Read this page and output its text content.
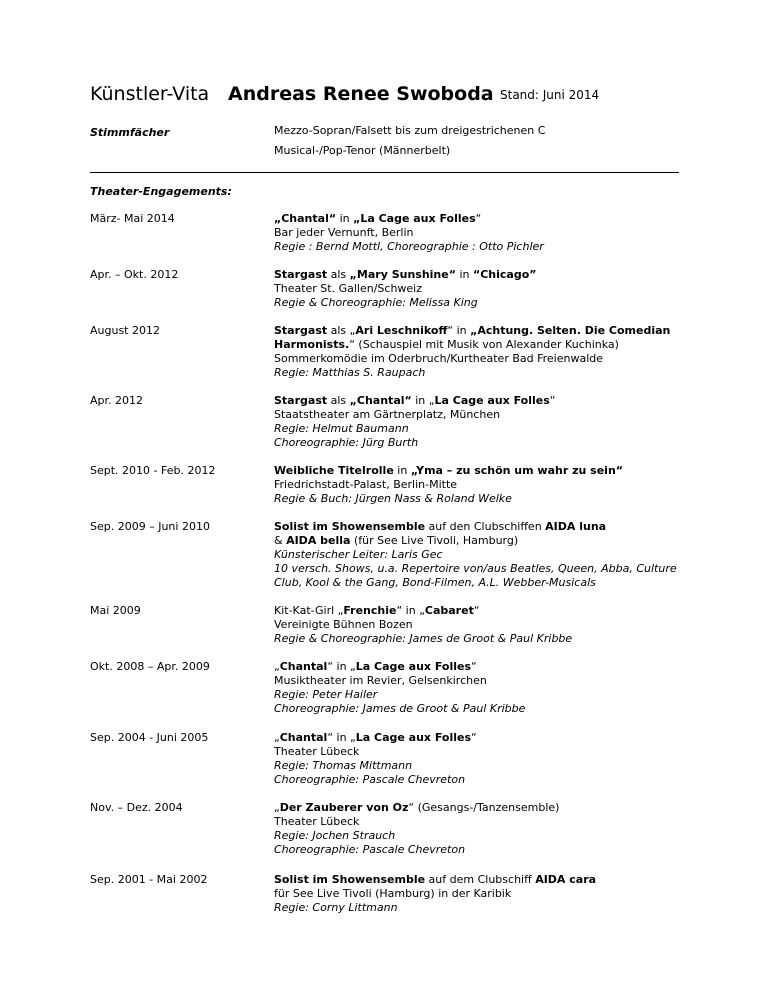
Künstler-Vita Andreas Renee Swoboda Stand: Juni 2014
Stimmfächer	Mezzo-Sopran/Falsett bis zum dreigestrichenen C
Musical-/Pop-Tenor (Männerbelt)
Theater-Engagements:
März- Mai 2014	„Chantal“ in „La Cage aux Folles“
Bar jeder Vernunft, Berlin
Regie : Bernd Mottl, Choreographie : Otto Pichler
Apr. – Okt. 2012	Stargast als „Mary Sunshine“ in “Chicago”
Theater St. Gallen/Schweiz
Regie & Choreographie: Melissa King
August 2012	Stargast als „Ari Leschnikoff“ in „Achtung. Selten. Die Comedian
Harmonists.“ (Schauspiel mit Musik von Alexander Kuchinka)
Sommerkomödie im Oderbruch/Kurtheater Bad Freienwalde
Regie: Matthias S. Raupach
Apr. 2012	Stargast als „Chantal“ in „La Cage aux Folles“
Staatstheater am Gärtnerplatz, München
Regie: Helmut Baumann
Choreographie: Jürg Burth
Sept. 2010 - Feb. 2012	Weibliche Titelrolle in „Yma – zu schön um wahr zu sein“
Friedrichstadt-Palast, Berlin-Mitte
Regie & Buch: Jürgen Nass & Roland Welke
Sep. 2009 – Juni 2010	Solist im Showensemble auf den Clubschiffen AIDA luna
& AIDA bella (für See Live Tivoli, Hamburg)
Künsterischer Leiter: Laris Gec
10 versch. Shows, u.a. Repertoire von/aus Beatles, Queen, Abba, Culture Club, Kool & the Gang, Bond-Filmen, A.L. Webber-Musicals
Mai 2009	Kit-Kat-Girl „Frenchie“ in „Cabaret“
Vereinigte Bühnen Bozen
Regie & Choreographie: James de Groot & Paul Kribbe
Okt. 2008 – Apr. 2009	„Chantal“ in „La Cage aux Folles“
Musiktheater im Revier, Gelsenkirchen
Regie: Peter Hailer
Choreographie: James de Groot & Paul Kribbe
Sep. 2004 - Juni 2005	„Chantal“ in „La Cage aux Folles“
Theater Lübeck
Regie: Thomas Mittmann
Choreographie: Pascale Chevreton
Nov. – Dez. 2004	„Der Zauberer von Oz“ (Gesangs-/Tanzensemble)
Theater Lübeck
Regie: Jochen Strauch
Choreographie: Pascale Chevreton
Sep. 2001 - Mai 2002	Solist im Showensemble auf dem Clubschiff AIDA cara
für See Live Tivoli (Hamburg) in der Karibik
Regie: Corny Littmann
